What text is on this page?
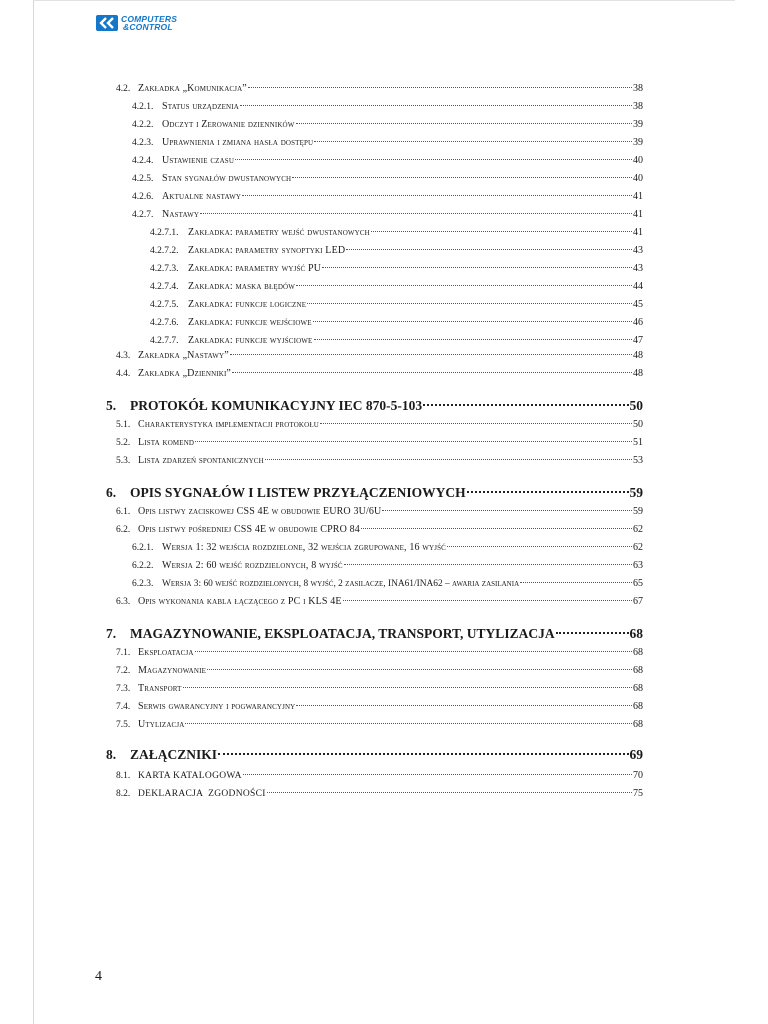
COMPUTERS
&CONTROL
4.2. Zakładka „Komunikacja”	38
4.2.1. Status urządzenia	38
4.2.2. Odczyt i Zerowanie dzienników	39
4.2.3. Uprawnienia i zmiana hasła dostępu	39
4.2.4. Ustawienie czasu	40
4.2.5. Stan sygnałów dwustanowych	40
4.2.6. Aktualne nastawy	41
4.2.7. Nastawy	41
4.2.7.1. Zakładka: parametry wejść dwustanowych	41
4.2.7.2. Zakładka: parametry synoptyki LED	43
4.2.7.3. Zakładka: parametry wyjść PU	43
4.2.7.4. Zakładka: maska błędów	44
4.2.7.5. Zakładka: funkcje logiczne	45
4.2.7.6. Zakładka: funkcje wejściowe	46
4.2.7.7. Zakładka: funkcje wyjściowe	47
4.3. Zakładka „Nastawy”	48
4.4. Zakładka „Dzienniki”	48
5.	PROTOKÓŁ KOMUNIKACYJNY IEC 870-5-103	50
5.1. Charakterystyka implementacji protokołu	50
5.2. Lista komend	51
5.3. Lista zdarzeń spontanicznych	53
6.	OPIS SYGNAŁÓW I LISTEW PRZYŁĄCZENIOWYCH	59
6.1. Opis listwy zaciskowej CSS 4E w obudowie EURO 3U/6U	59
6.2. Opis listwy pośredniej CSS 4E w obudowie CPRO 84	62
6.2.1. Wersja 1: 32 wejścia rozdzielone, 32 wejścia zgrupowane, 16 wyjść	62
6.2.2. Wersja 2: 60 wejść rozdzielonych, 8 wyjść	63
6.2.3. Wersja 3: 60 wejść rozdzielonych, 8 wyjść, 2 zasilacze, INA61/INA62 – awaria zasilania	65
6.3. Opis wykonania kabla łączącego z PC i KLS 4E	67
7.	MAGAZYNOWANIE, EKSPLOATACJA, TRANSPORT, UTYLIZACJA	68
7.1. Eksploatacja	68
7.2. Magazynowanie	68
7.3. Transport	68
7.4. Serwis gwarancyjny i pogwarancyjny	68
7.5. Utylizacja	68
8.	ZAŁĄCZNIKI	69
8.1. KARTA KATALOGOWA	70
8.2. DEKLARACJA  ZGODNOŚCI	75
4
